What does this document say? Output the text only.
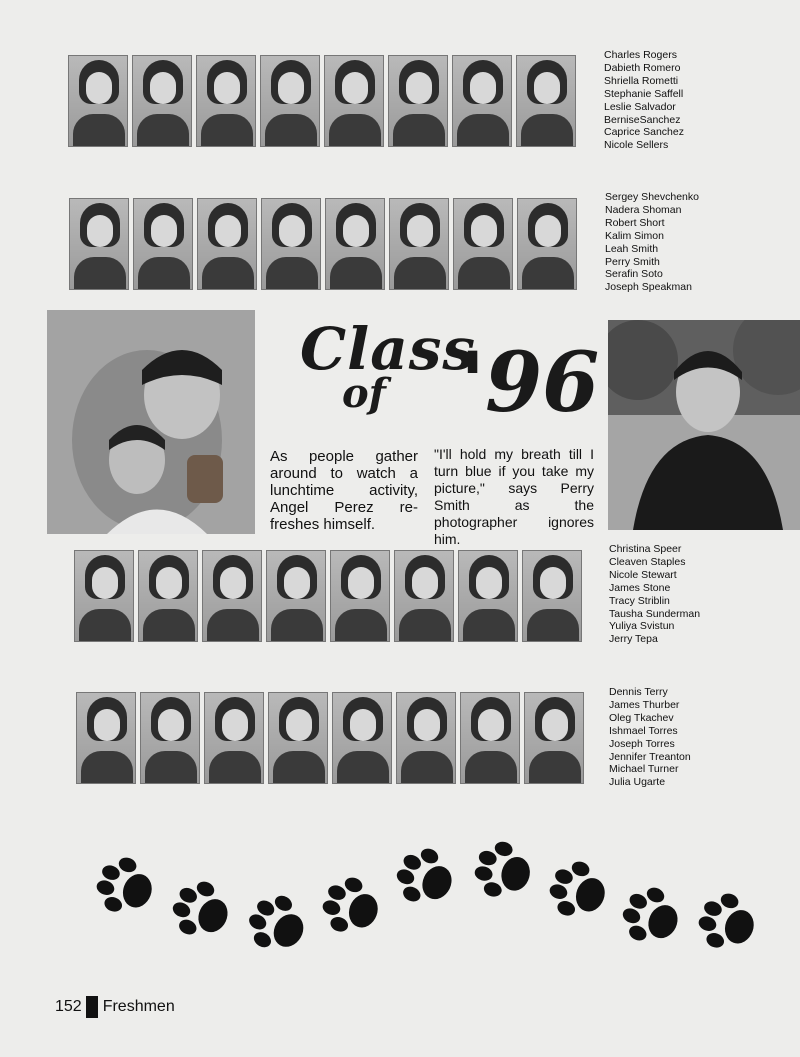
Charles Rogers
Dabieth Romero
Shriella Rometti
Stephanie Saffell
Leslie Salvador
BerniseSanchez
Caprice Sanchez
Nicole Sellers
Sergey Shevchenko
Nadera Shoman
Robert Short
Kalim Simon
Leah Smith
Perry Smith
Serafin Soto
Joseph Speakman
Class
of '96
As people gather around to watch a lunchtime activity, Angel Perez re-freshes himself.
"I'll hold my breath till I turn blue if you take my picture," says Perry Smith as the photographer ignores him.
Christina Speer
Cleaven Staples
Nicole Stewart
James Stone
Tracy Striblin
Tausha Sunderman
Yuliya Svistun
Jerry Tepa
Dennis Terry
James Thurber
Oleg Tkachev
Ishmael Torres
Joseph Torres
Jennifer Treanton
Michael Turner
Julia Ugarte
152 Freshmen
